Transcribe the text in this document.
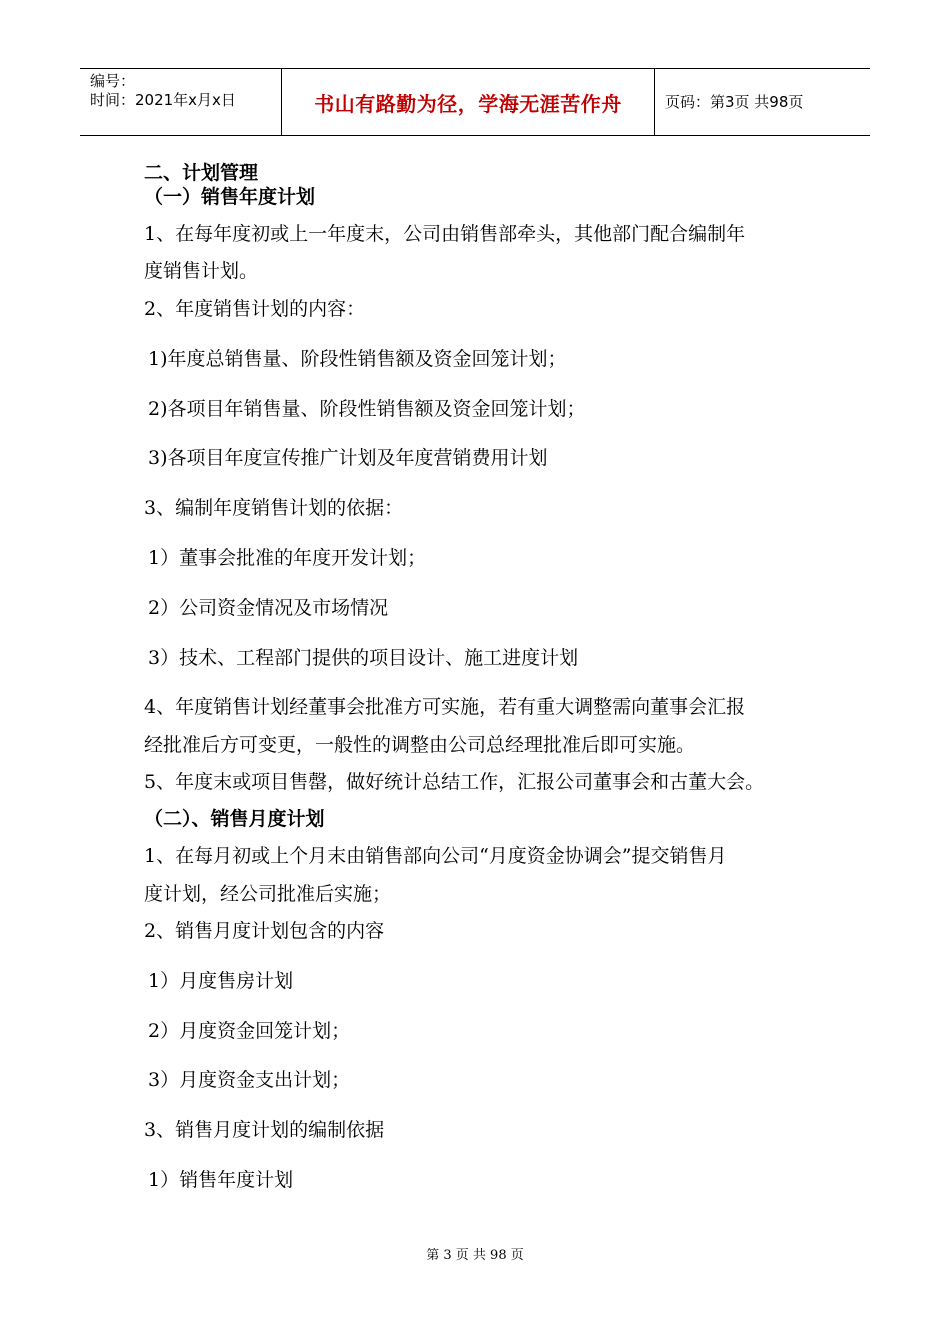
编号：
时间：2021年x月x日	书山有路勤为径，学海无涯苦作舟	页码：第3页 共98页
二、计划管理
（一）销售年度计划
1、在每年度初或上一年度末，公司由销售部牵头，其他部门配合编制年
度销售计划。
2、年度销售计划的内容：
1)年度总销售量、阶段性销售额及资金回笼计划；
2)各项目年销售量、阶段性销售额及资金回笼计划；
3)各项目年度宣传推广计划及年度营销费用计划
3、编制年度销售计划的依据：
1）董事会批准的年度开发计划；
2）公司资金情况及市场情况
3）技术、工程部门提供的项目设计、施工进度计划
4、年度销售计划经董事会批准方可实施，若有重大调整需向董事会汇报
经批准后方可变更，一般性的调整由公司总经理批准后即可实施。
5、年度末或项目售罄，做好统计总结工作，汇报公司董事会和古董大会。
（二）、销售月度计划
1、在每月初或上个月末由销售部向公司“月度资金协调会”提交销售月
度计划，经公司批准后实施；
2、销售月度计划包含的内容
1）月度售房计划
2）月度资金回笼计划；
3）月度资金支出计划；
3、销售月度计划的编制依据
1）销售年度计划
第 3 页 共 98 页
